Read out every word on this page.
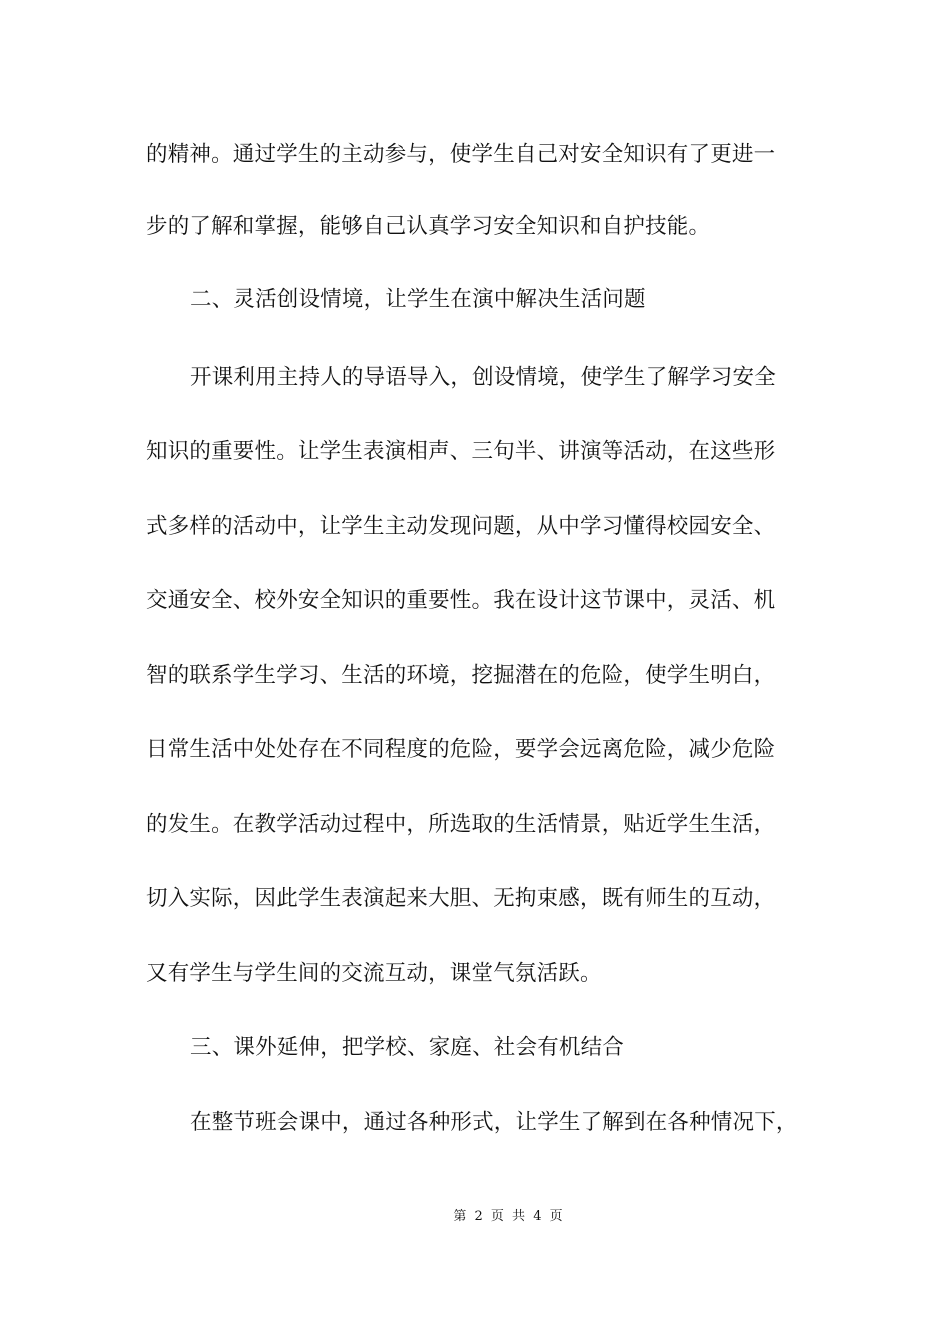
的精神。通过学生的主动参与，使学生自己对安全知识有了更进一
步的了解和掌握，能够自己认真学习安全知识和自护技能。
二、灵活创设情境，让学生在演中解决生活问题
开课利用主持人的导语导入，创设情境，使学生了解学习安全
知识的重要性。让学生表演相声、三句半、讲演等活动，在这些形
式多样的活动中，让学生主动发现问题，从中学习懂得校园安全、
交通安全、校外安全知识的重要性。我在设计这节课中，灵活、机
智的联系学生学习、生活的环境，挖掘潜在的危险，使学生明白，
日常生活中处处存在不同程度的危险，要学会远离危险，减少危险
的发生。在教学活动过程中，所选取的生活情景，贴近学生生活，
切入实际，因此学生表演起来大胆、无拘束感，既有师生的互动，
又有学生与学生间的交流互动，课堂气氛活跃。
三、课外延伸，把学校、家庭、社会有机结合
在整节班会课中，通过各种形式，让学生了解到在各种情况下，
第 2 页 共 4 页
